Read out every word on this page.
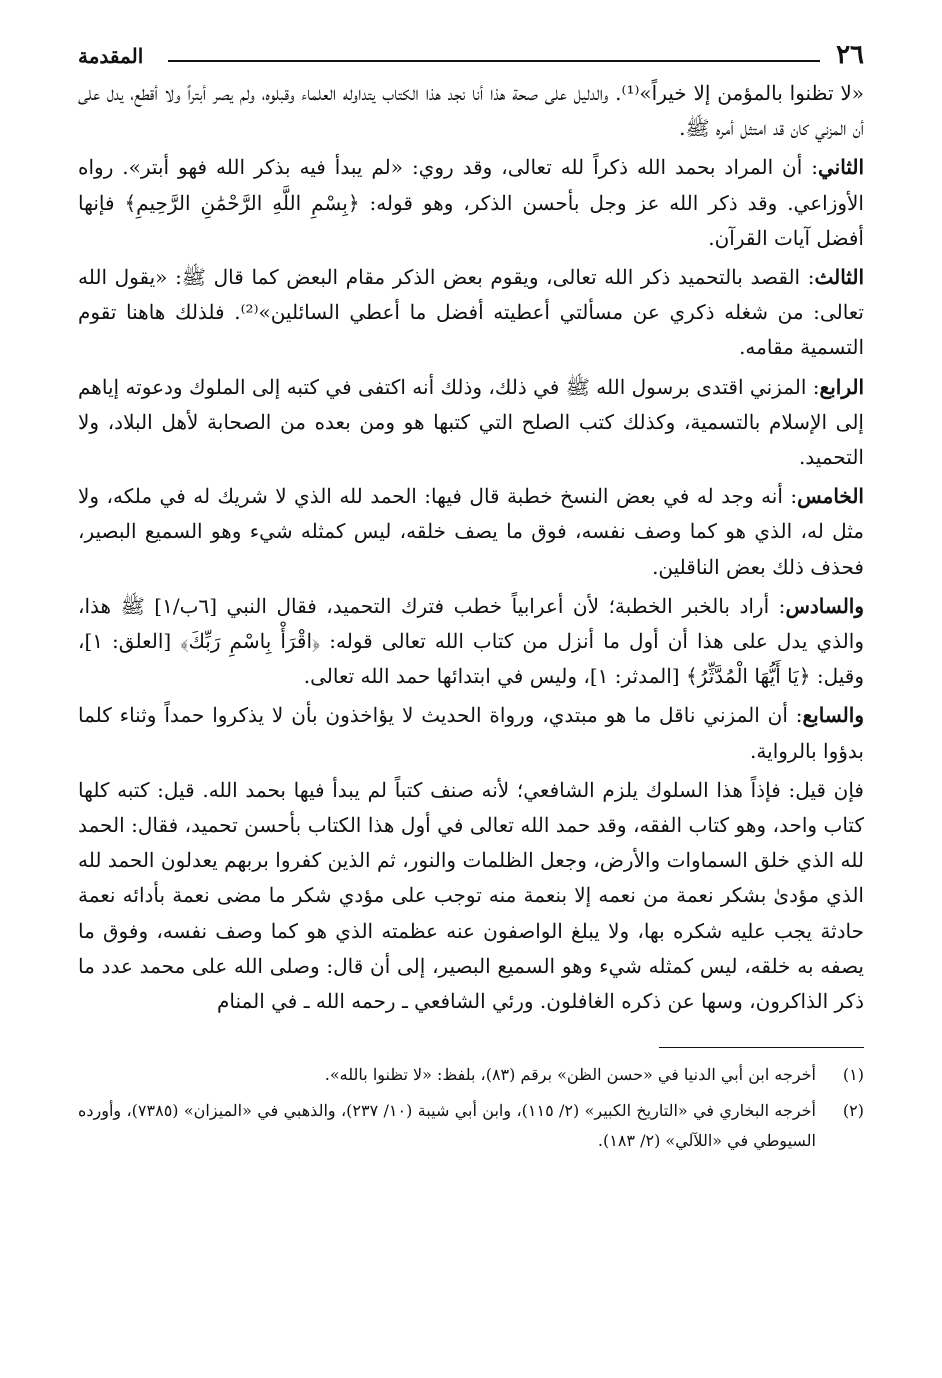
٢٦
المقدمة

«لا تظنوا بالمؤمن إلا خيراً»⁽¹⁾. والدليل على صحة هذا أنا نجد هذا الكتاب يتداوله العلماء وقبلوه، ولم يصر أبتراً ولا أقطع، يدل على أن المزني كان قد امتثل أمره ﷺ.

الثاني: أن المراد بحمد الله ذكراً لله تعالى، وقد روي: «لم يبدأ فيه بذكر الله فهو أبتر». رواه الأوزاعي. وقد ذكر الله عز وجل بأحسن الذكر، وهو قوله: ﴿بِسْمِ اللَّهِ الرَّحْمَٰنِ الرَّحِيمِ﴾ فإنها أفضل آيات القرآن.

الثالث: القصد بالتحميد ذكر الله تعالى، ويقوم بعض الذكر مقام البعض كما قال ﷺ: «يقول الله تعالى: من شغله ذكري عن مسألتي أعطيته أفضل ما أعطي السائلين»⁽²⁾. فلذلك هاهنا تقوم التسمية مقامه.

الرابع: المزني اقتدى برسول الله ﷺ في ذلك، وذلك أنه اكتفى في كتبه إلى الملوك ودعوته إياهم إلى الإسلام بالتسمية، وكذلك كتب الصلح التي كتبها هو ومن بعده من الصحابة لأهل البلاد، ولا التحميد.

الخامس: أنه وجد له في بعض النسخ خطبة قال فيها: الحمد لله الذي لا شريك له في ملكه، ولا مثل له، الذي هو كما وصف نفسه، فوق ما يصف خلقه، ليس كمثله شيء وهو السميع البصير، فحذف ذلك بعض الناقلين.

والسادس: أراد بالخبر الخطبة؛ لأن أعرابياً خطب فترك التحميد، فقال النبي [٦ب/١] ﷺ هذا، والذي يدل على هذا أن أول ما أنزل من كتاب الله تعالى قوله: ﴿اقْرَأْ بِاسْمِ رَبِّكَ﴾ [العلق: ١]، وقيل: ﴿يَا أَيُّهَا الْمُدَّثِّرُ﴾ [المدثر: ١]، وليس في ابتدائها حمد الله تعالى.

والسابع: أن المزني ناقل ما هو مبتدي، ورواة الحديث لا يؤاخذون بأن لا يذكروا حمداً وثناء كلما بدؤوا بالرواية.

فإن قيل: فإذاً هذا السلوك يلزم الشافعي؛ لأنه صنف كتباً لم يبدأ فيها بحمد الله. قيل: كتبه كلها كتاب واحد، وهو كتاب الفقه، وقد حمد الله تعالى في أول هذا الكتاب بأحسن تحميد، فقال: الحمد لله الذي خلق السماوات والأرض، وجعل الظلمات والنور، ثم الذين كفروا بربهم يعدلون الحمد لله الذي مؤدىٰ بشكر نعمة من نعمه إلا بنعمة منه توجب على مؤدي شكر ما مضى نعمة بأدائه نعمة حادثة يجب عليه شكره بها، ولا يبلغ الواصفون عنه عظمته الذي هو كما وصف نفسه، وفوق ما يصفه به خلقه، ليس كمثله شيء وهو السميع البصير، إلى أن قال: وصلى الله على محمد عدد ما ذكر الذاكرون، وسها عن ذكره الغافلون. ورئي الشافعي ـ رحمه الله ـ في المنام

(١)
أخرجه ابن أبي الدنيا في «حسن الظن» برقم (٨٣)، بلفظ: «لا تظنوا بالله».
(٢)
أخرجه البخاري في «التاريخ الكبير» (٢/ ١١٥)، وابن أبي شيبة (١٠/ ٢٣٧)، والذهبي في «الميزان» (٧٣٨٥)، وأورده السيوطي في «اللآلي» (٢/ ١٨٣).
